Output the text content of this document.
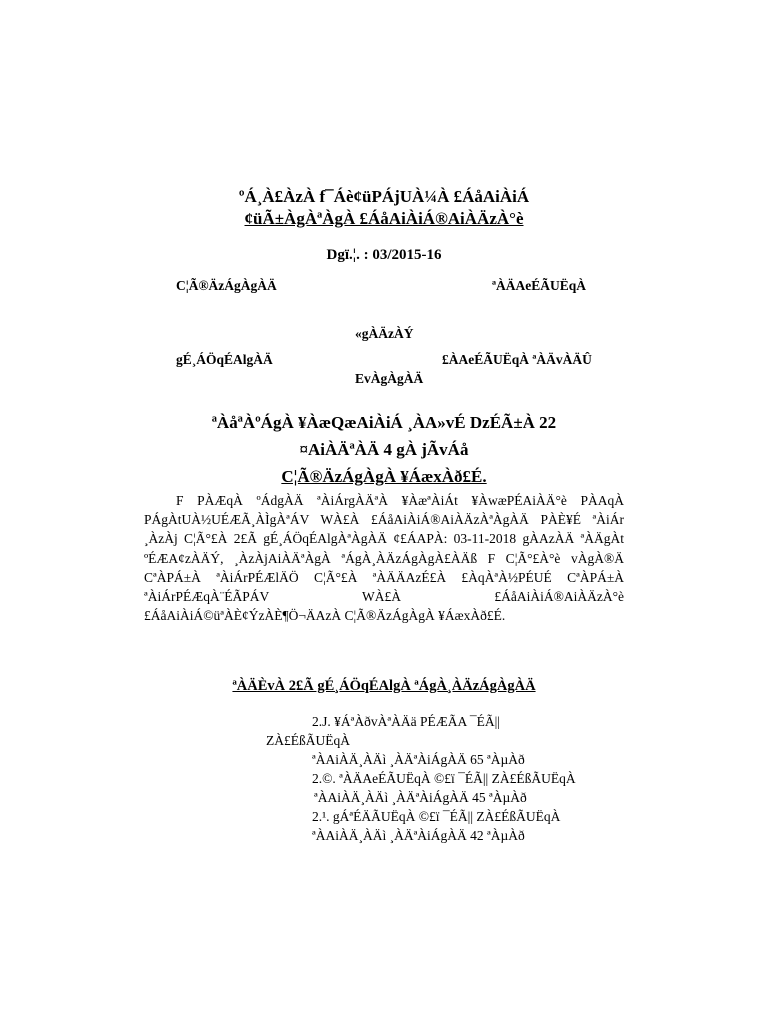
ºÁ¸À£ÀzÀ f¯Áè¢üPÁjUÀ¼À £ÁåAiÀiÁ
¢üÃ±ÀgÀªÀgÀ £ÁåAiÀiÁ®AiÀÄzÀ°è
Dgï.¦. : 03/2015-16
C¦Ã®ÄzÁgÀgÀÄ	ªÀÄAeÉÃUËqÀ
«gÀÄzÀÝ
gÉ¸ÁÖqÉAlgÀÄ	£ÀAeÉÃUËqÀ ªÀÄvÀÄÛ
EvÀgÀgÀÄ
ªÀåªÀºÁgÀ ¥ÀæQæAiÀiÁ ¸ÀA»vÉ DzÉÃ±À 22
¤AiÀÄªÀÄ 4 gÀ jÃvÁå
C¦Ã®ÄzÁgÀgÀ ¥ÁæxÀð£É.

F PÀÆqÀ ºÁdgÀÄ ªÀiÁrgÀÄªÀ ¥ÀæªÀiÁt ¥ÀwæPÉAiÀÄ°è PÀAqÀ PÁgÀtUÀ½UÉÆÃ¸ÀÌgÀªÁV WÀ£À £ÁåAiÀiÁ®AiÀÄzÀªÀgÀÄ PÀÈ¥É ªÀiÁr ¸ÀzÀj C¦Ã°£À 2£Ã gÉ¸ÁÖqÉAlgÀªÀgÀÄ ¢£ÁAPÀ: 03-11-2018 gÀAzÀÄ ªÀÄgÀt ºÉÆA¢zÀÄÝ, ¸ÀzÀjAiÀÄªÀgÀ ªÁgÀ¸ÀÄzÁgÀgÀ£ÀÄß F C¦Ã°£À°è vÀgÀ®Ä CªÀPÁ±À ªÀiÁrPÉÆlÄÖ C¦Ã°£À ªÀÄÄAzÉ£À £ÀqÀªÀ½PÉUÉ CªÀPÁ±À ªÀiÁrPÉÆqÀ¨ÉÃPÁV WÀ£À £ÁåAiÀiÁ®AiÀÄzÀ°è £ÁåAiÀiÁ©üªÀÈ¢ÝzÀÈ¶Ö¬ÄAzÀ C¦Ã®ÄzÁgÀgÀ ¥ÁæxÀð£É.

ªÀÄÈvÀ 2£Ã gÉ¸ÁÖqÉAlgÀ ªÁgÀ¸ÀÄzÁgÀgÀÄ
2.J. ¥ÁªÀðvÀªÀÄä PÉÆÃA ¯ÉÃ||
ZÀ£ÉßÃUËqÀ
ªÀAiÀÄ¸ÀÄì ¸ÀÄªÀiÁgÀÄ 65 ªÀµÀð
2.©. ªÀÄAeÉÃUËqÀ ©£ï ¯ÉÃ|| ZÀ£ÉßÃUËqÀ
ªÀAiÀÄ¸ÀÄì ¸ÀÄªÀiÁgÀÄ 45 ªÀµÀð
2.¹. gÁªÉÄÃUËqÀ ©£ï ¯ÉÃ|| ZÀ£ÉßÃUËqÀ
ªÀAiÀÄ¸ÀÄì ¸ÀÄªÀiÁgÀÄ 42 ªÀµÀð
